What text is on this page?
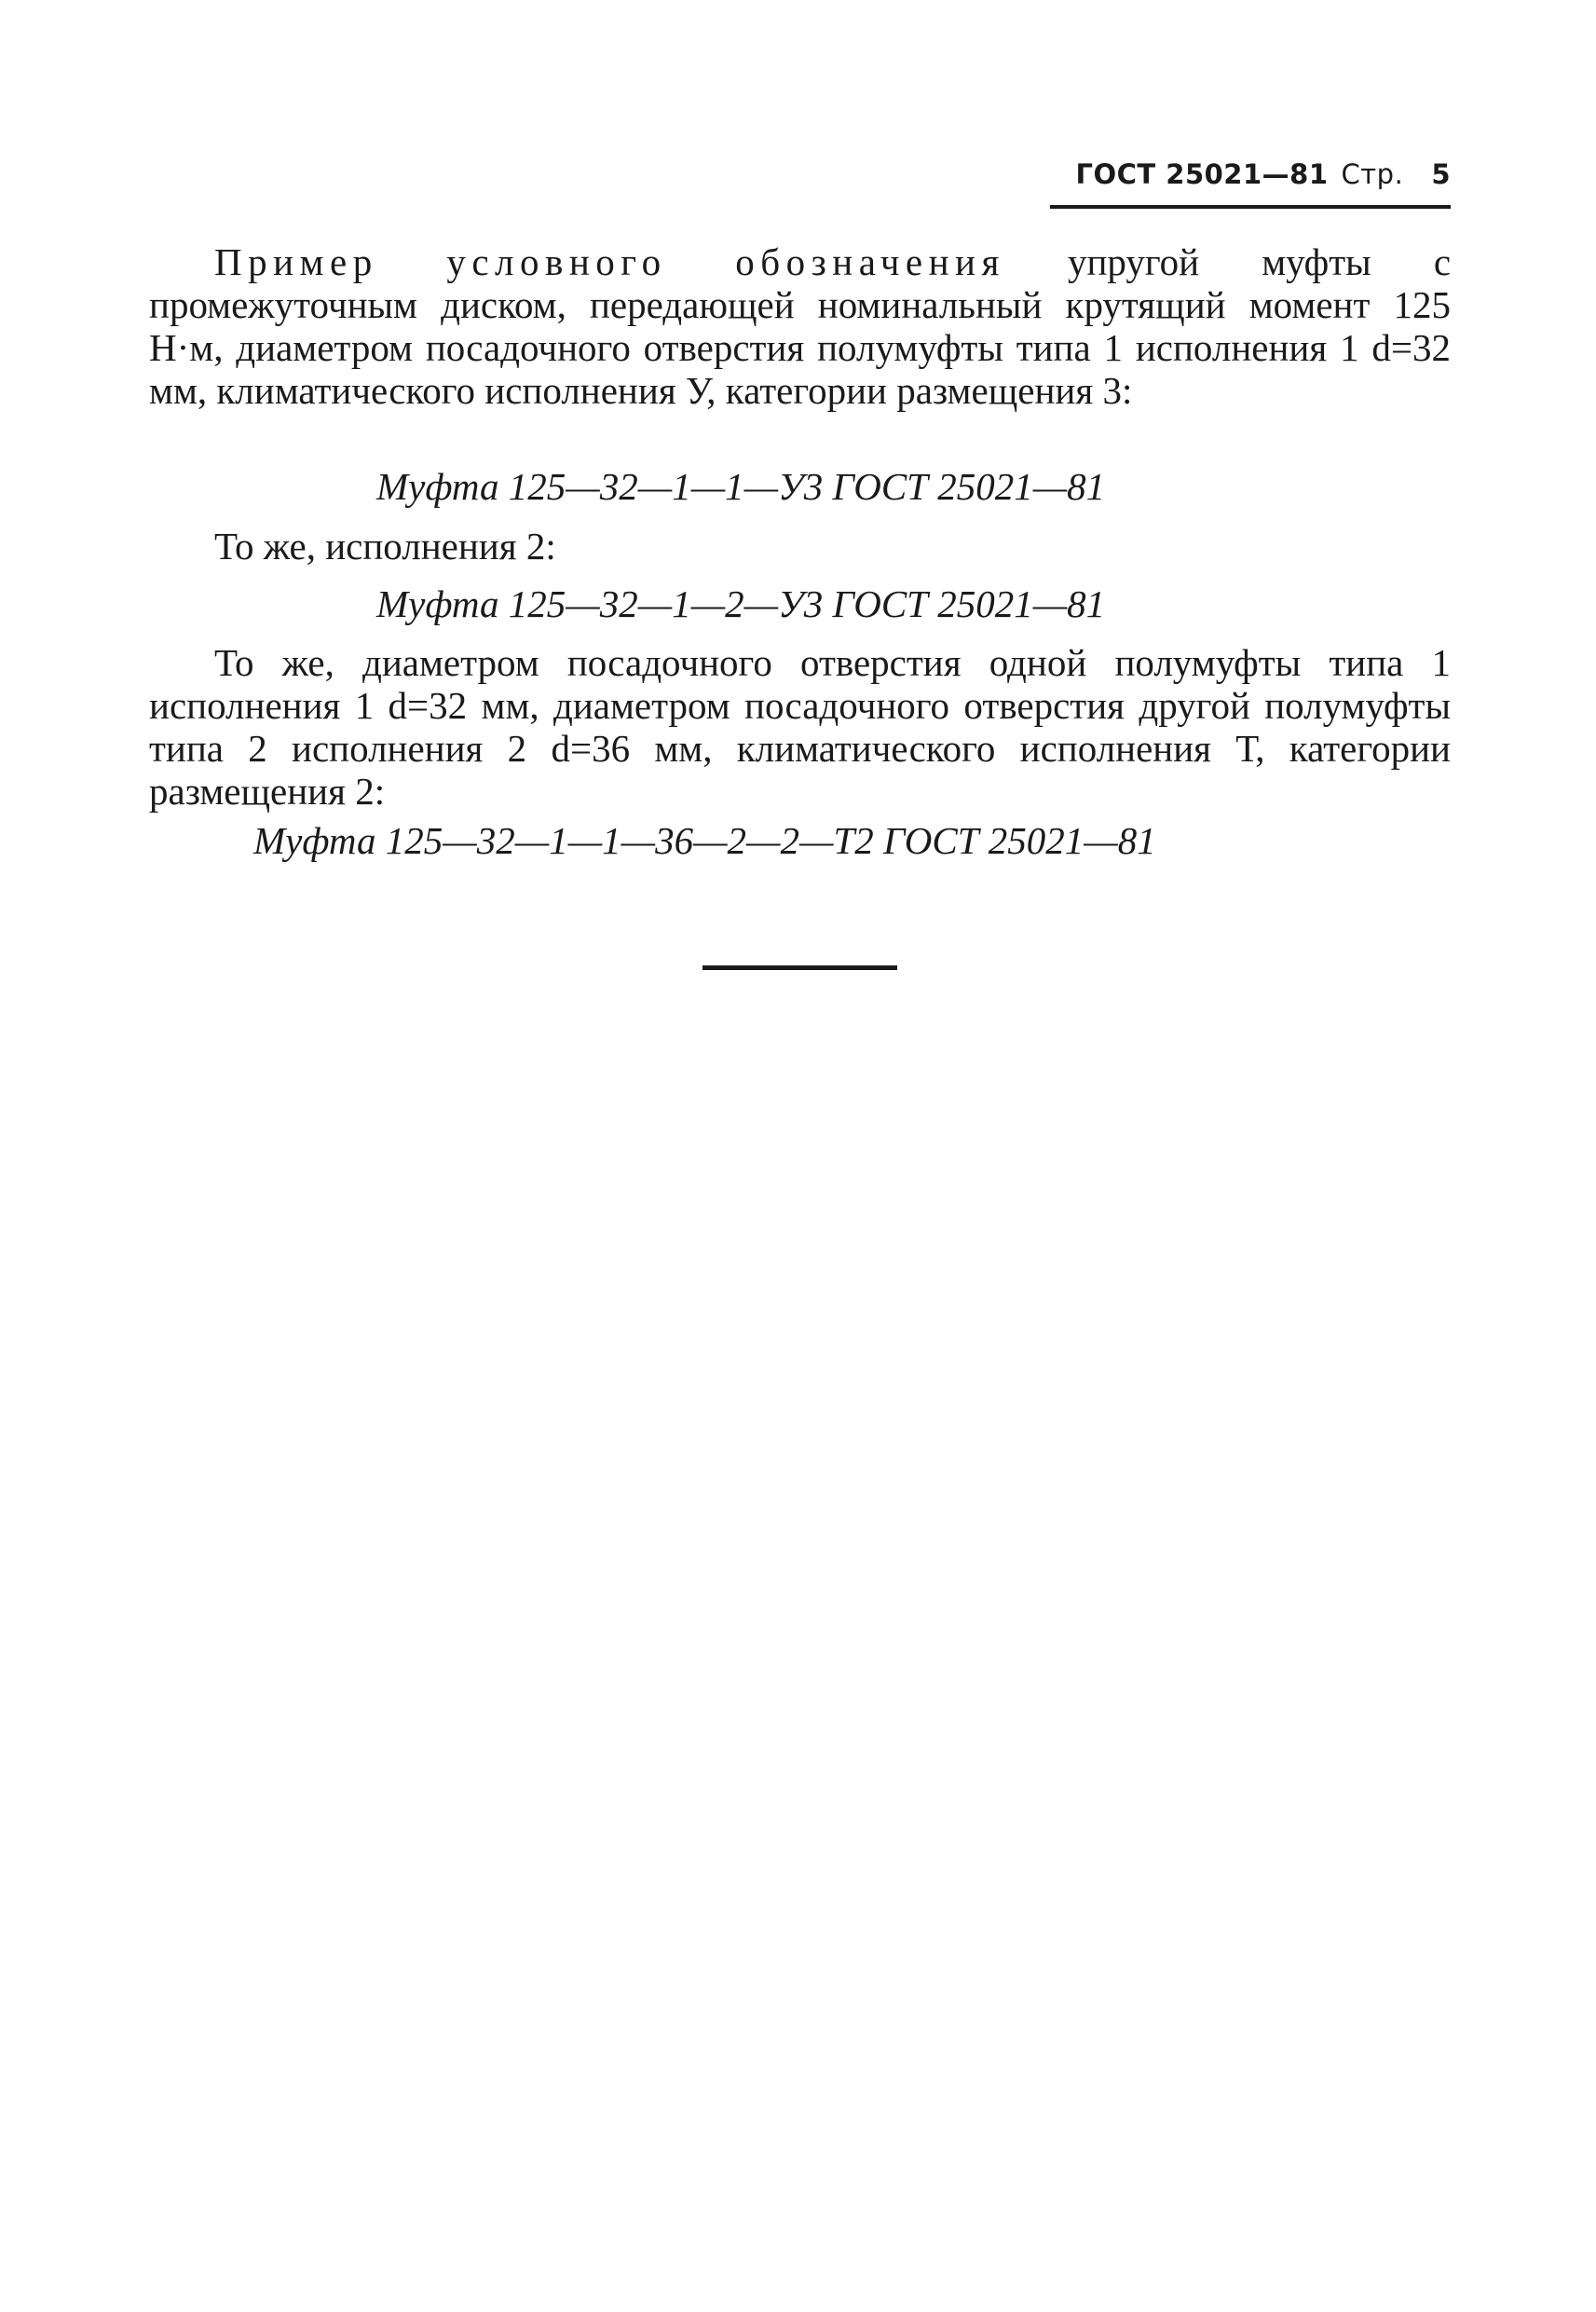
ГОСТ 25021—81 Стр. 5

Пример условного обозначения упругой муфты с промежуточным диском, передающей номинальный крутящий момент 125 Н·м, диаметром посадочного отверстия полумуфты типа 1 исполнения 1 d=32 мм, климатического исполнения У, категории размещения 3:

Муфта 125—32—1—1—У3 ГОСТ 25021—81
То же, исполнения 2:
Муфта 125—32—1—2—У3 ГОСТ 25021—81

То же, диаметром посадочного отверстия одной полумуфты типа 1 исполнения 1 d=32 мм, диаметром посадочного отверстия другой полумуфты типа 2 исполнения 2 d=36 мм, климатического исполнения Т, категории размещения 2:

Муфта 125—32—1—1—36—2—2—Т2 ГОСТ 25021—81
